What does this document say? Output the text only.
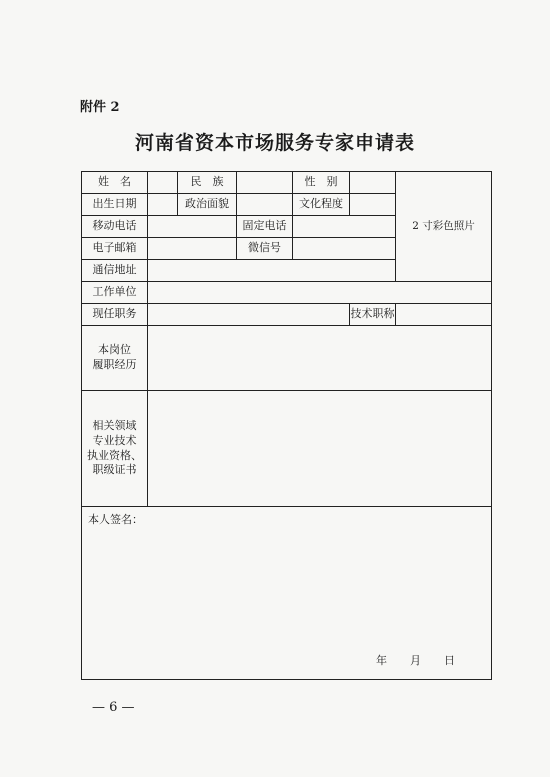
附件 2
河南省资本市场服务专家申请表
姓　名		民　族		性　别		2 寸彩色照片
出生日期		政治面貌		文化程度		
移动电话			固定电话			
电子邮箱			微信号			
通信地址						
工作单位						
现任职务					技术职称	

本岗位
履职经历						

相关领域
专业技术
执业资格、
职级证书						

本人签名：
年　月　日						
— 6 —
